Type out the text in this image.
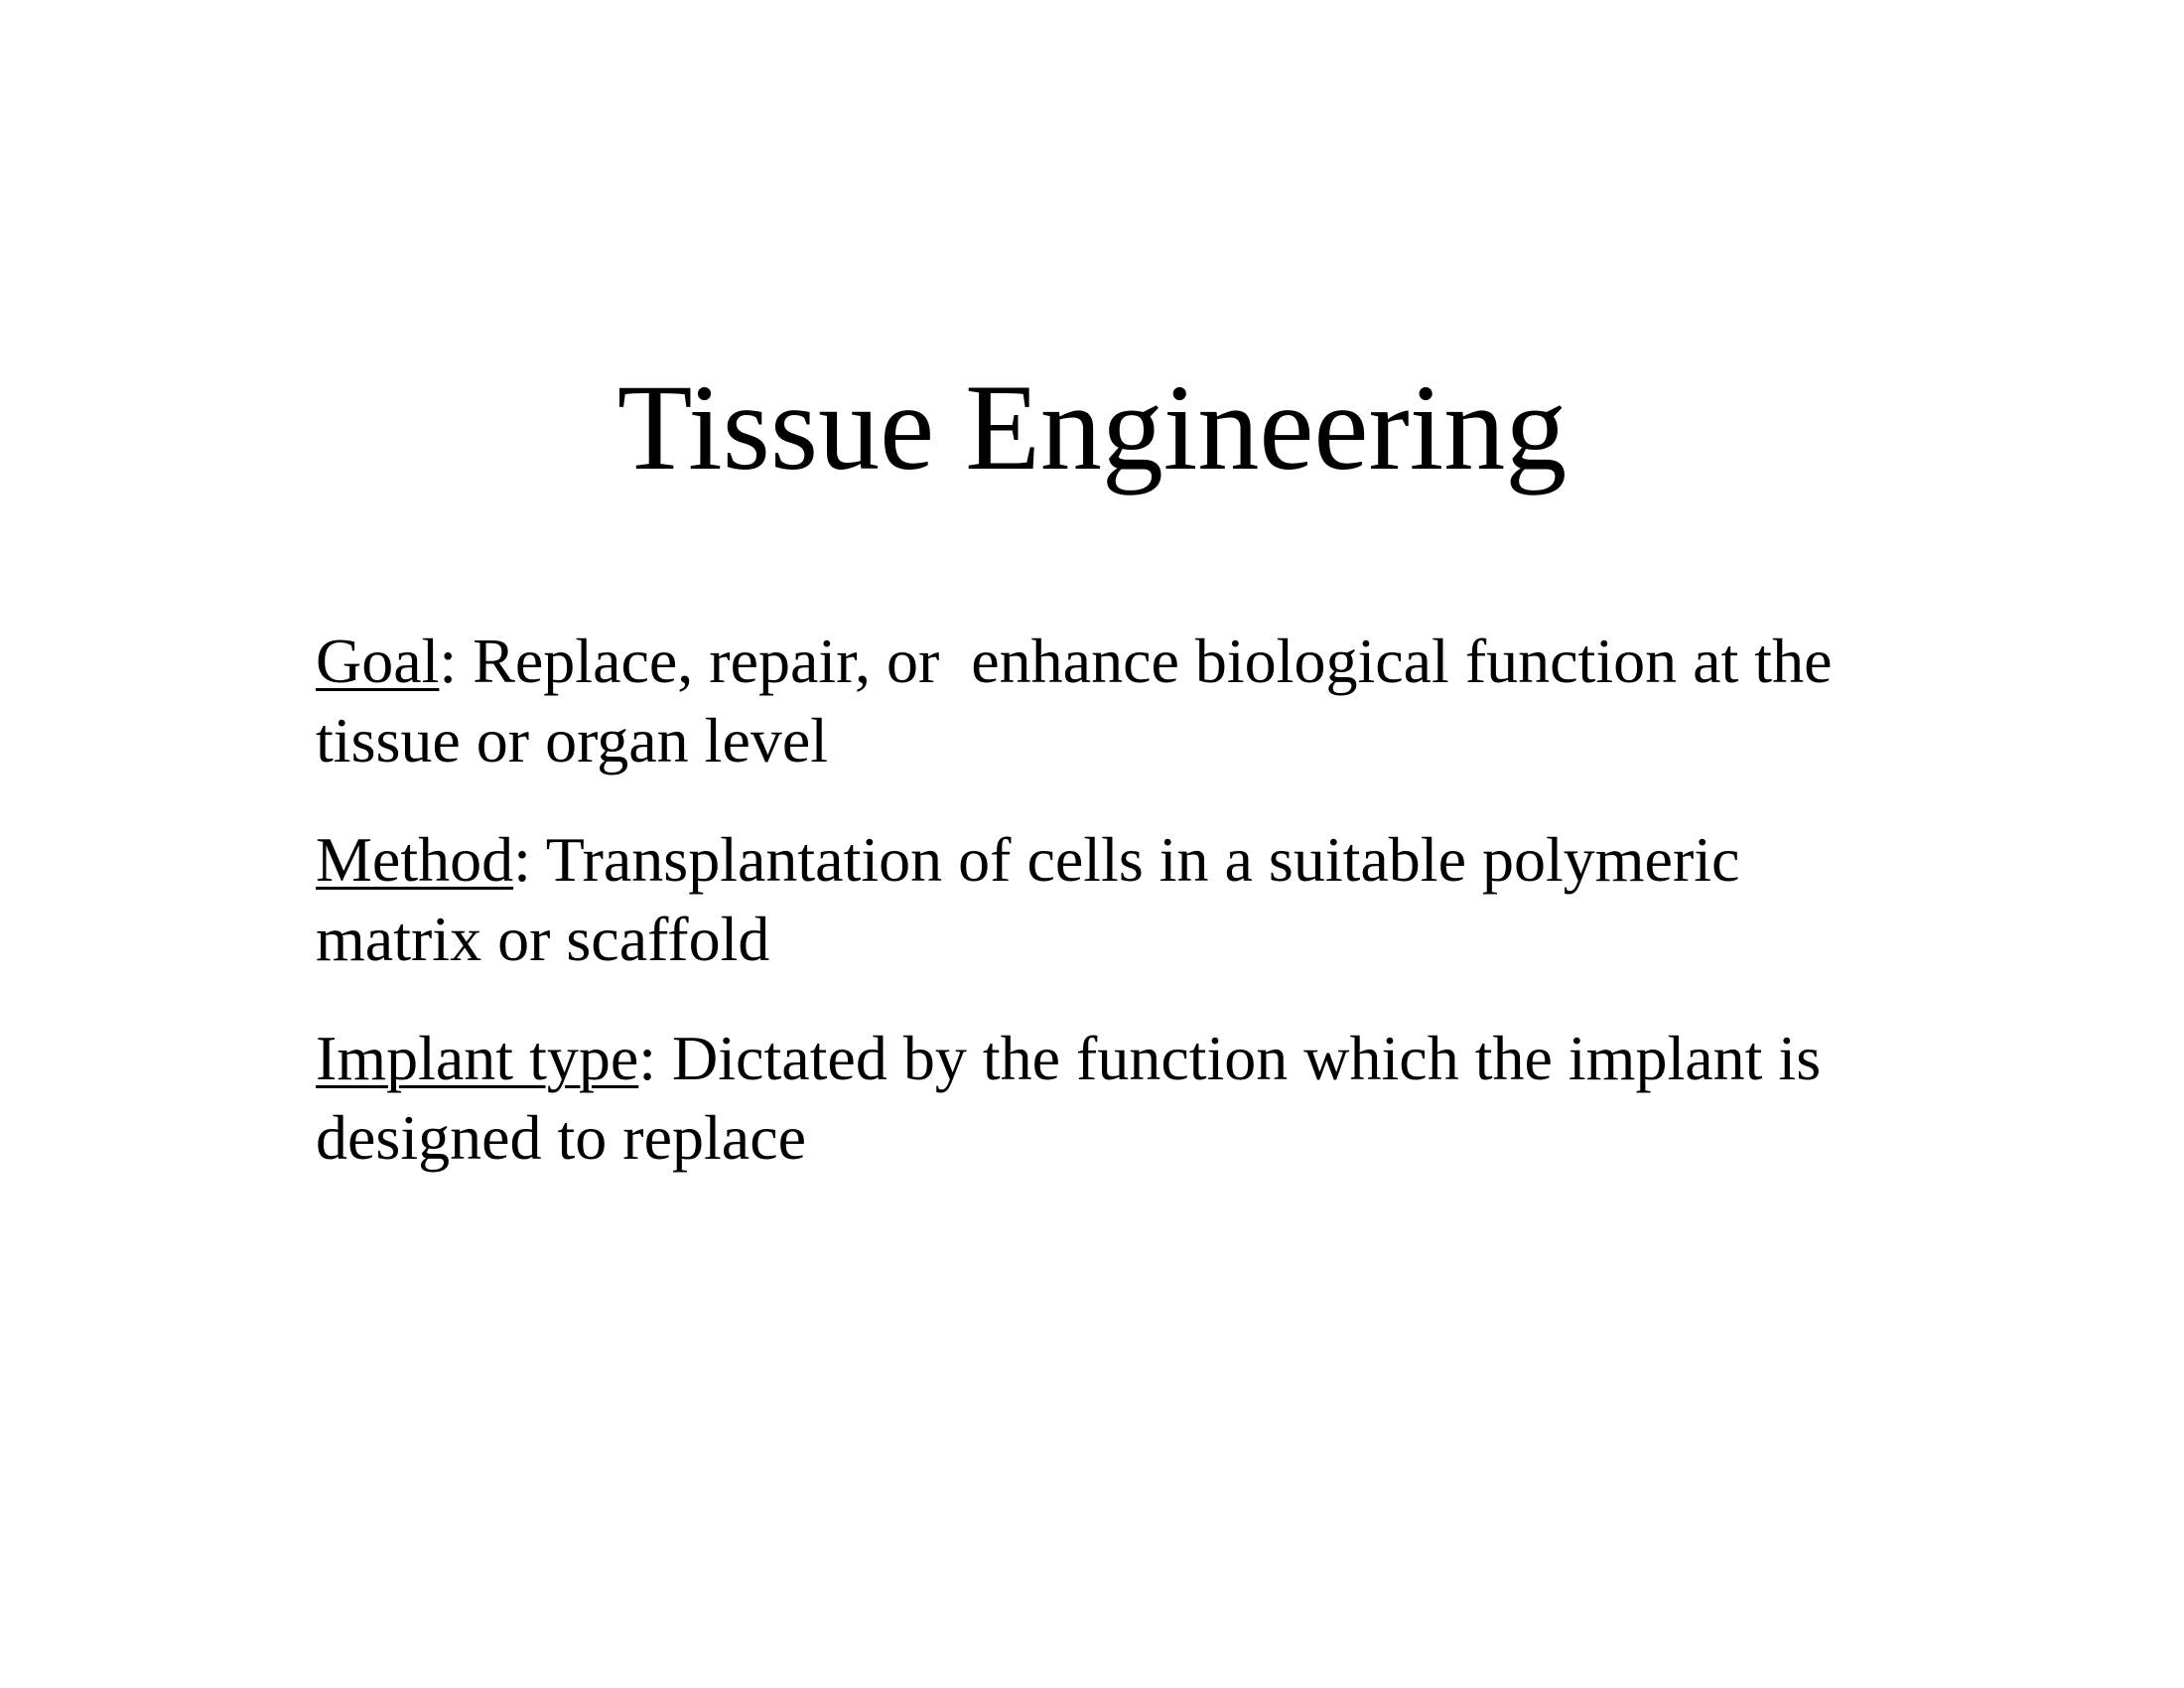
Tissue Engineering

Goal: Replace, repair, or  enhance biological function at the
tissue or organ level

Method: Transplantation of cells in a suitable polymeric
matrix or scaffold

Implant type: Dictated by the function which the implant is
designed to replace
